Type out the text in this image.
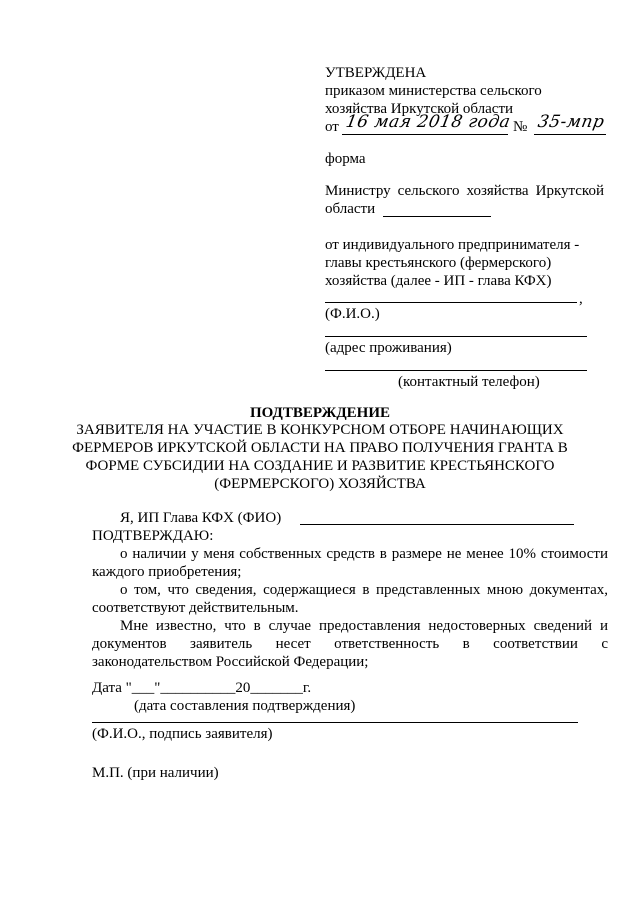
УТВЕРЖДЕНА
приказом министерства сельского
хозяйства Иркутской области
от 16 мая 2018 года № 35-мпр
форма
Министру сельского хозяйства Иркутской
области
от индивидуального предпринимателя -
главы крестьянского (фермерского)
хозяйства (далее - ИП - глава КФХ)
,
(Ф.И.О.)
(адрес проживания)
(контактный телефон)
ПОДТВЕРЖДЕНИЕ
ЗАЯВИТЕЛЯ НА УЧАСТИЕ В КОНКУРСНОМ ОТБОРЕ НАЧИНАЮЩИХ
ФЕРМЕРОВ ИРКУТСКОЙ ОБЛАСТИ НА ПРАВО ПОЛУЧЕНИЯ ГРАНТА В
ФОРМЕ СУБСИДИИ НА СОЗДАНИЕ И РАЗВИТИЕ КРЕСТЬЯНСКОГО
(ФЕРМЕРСКОГО) ХОЗЯЙСТВА
Я, ИП Глава КФХ (ФИО)
ПОДТВЕРЖДАЮ:
о наличии у меня собственных средств в размере не менее 10% стоимости
каждого приобретения;
о том, что сведения, содержащиеся в представленных мною документах,
соответствуют действительным.
Мне известно, что в случае предоставления недостоверных сведений и
документов заявитель несет ответственность в соответствии с
законодательством Российской Федерации;
Дата "___"__________20_______г.
(дата составления подтверждения)
(Ф.И.О., подпись заявителя)
М.П. (при наличии)
